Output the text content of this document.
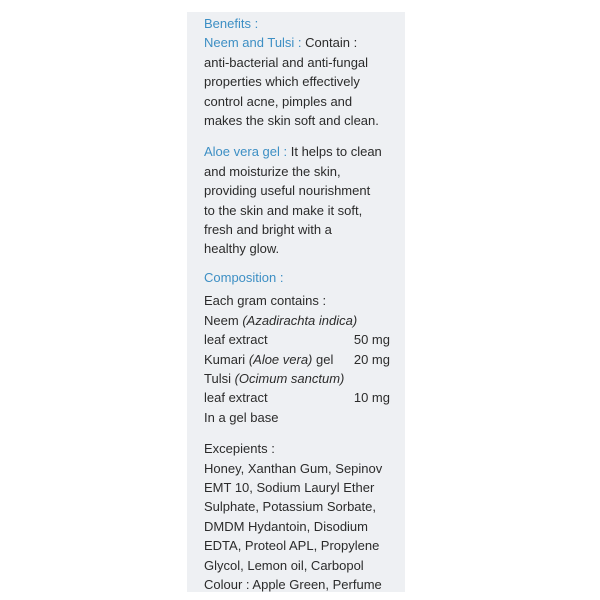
Benefits :
Neem and Tulsi : Contain :
anti-bacterial and anti-fungal
properties which effectively
control acne, pimples and
makes the skin soft and clean.
Aloe vera gel : It helps to clean
and moisturize the skin,
providing useful nourishment
to the skin and make it soft,
fresh and bright with a
healthy glow.
Composition :
Each gram contains :
Neem (Azadirachta indica)
leaf extract	50 mg
Kumari (Aloe vera) gel 20 mg
Tulsi (Ocimum sanctum)
leaf extract	10 mg
In a gel base
Excepients :
Honey, Xanthan Gum, Sepinov
EMT 10, Sodium Lauryl Ether
Sulphate, Potassium Sorbate,
DMDM Hydantoin, Disodium
EDTA, Proteol APL, Propylene
Glycol, Lemon oil, Carbopol
Colour : Apple Green, Perfume
